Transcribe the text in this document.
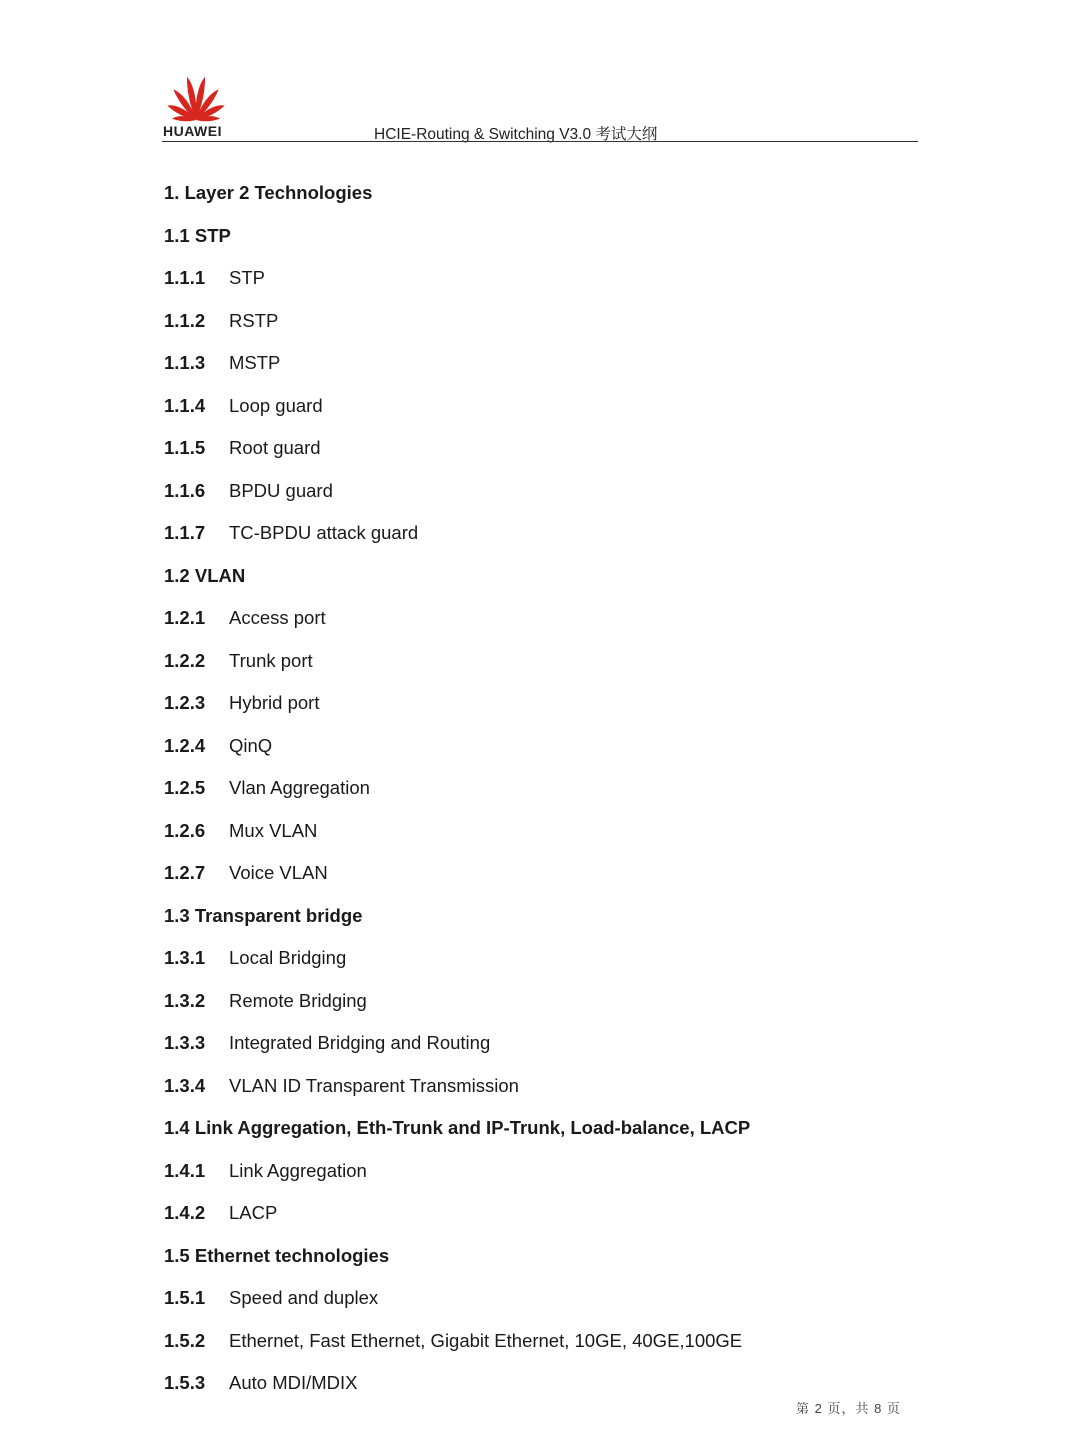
HUAWEI	HCIE-Routing & Switching V3.0 考试大纲
1. Layer 2 Technologies
1.1 STP
1.1.1 STP
1.1.2 RSTP
1.1.3 MSTP
1.1.4 Loop guard
1.1.5 Root guard
1.1.6 BPDU guard
1.1.7 TC-BPDU attack guard
1.2 VLAN
1.2.1 Access port
1.2.2 Trunk port
1.2.3 Hybrid port
1.2.4 QinQ
1.2.5 Vlan Aggregation
1.2.6 Mux VLAN
1.2.7 Voice VLAN
1.3 Transparent bridge
1.3.1 Local Bridging
1.3.2 Remote Bridging
1.3.3 Integrated Bridging and Routing
1.3.4 VLAN ID Transparent Transmission
1.4 Link Aggregation, Eth-Trunk and IP-Trunk, Load-balance, LACP
1.4.1 Link Aggregation
1.4.2 LACP
1.5 Ethernet technologies
1.5.1 Speed and duplex
1.5.2 Ethernet, Fast Ethernet, Gigabit Ethernet, 10GE, 40GE,100GE
1.5.3 Auto MDI/MDIX
第 2 页，共 8 页
